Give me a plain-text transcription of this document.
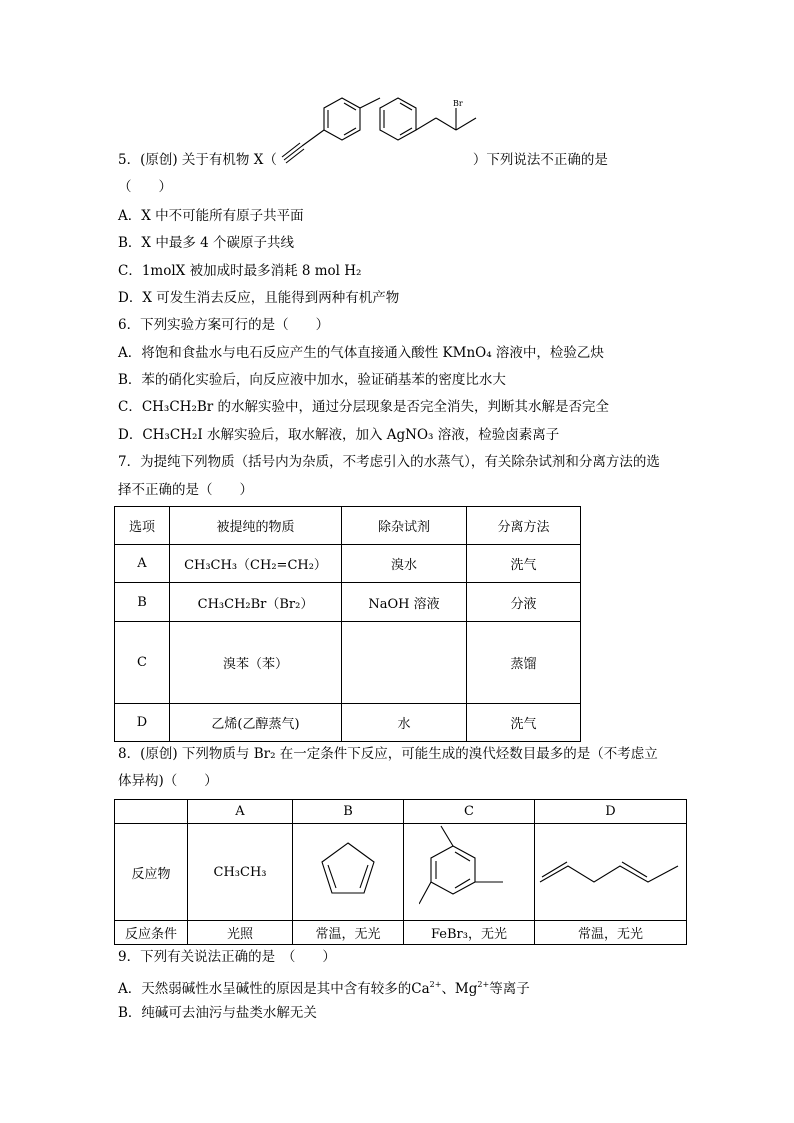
Br
5．(原创) 关于有机物 X（	）下列说法不正确的是
（　　）
A．X 中不可能所有原子共平面
B．X 中最多 4 个碳原子共线
C．1molX 被加成时最多消耗 8 mol H₂
D．X 可发生消去反应，且能得到两种有机产物
6．下列实验方案可行的是（　　）
A．将饱和食盐水与电石反应产生的气体直接通入酸性 KMnO₄ 溶液中，检验乙炔
B．苯的硝化实验后，向反应液中加水，验证硝基苯的密度比水大
C．CH₃CH₂Br 的水解实验中，通过分层现象是否完全消失，判断其水解是否完全
D．CH₃CH₂I 水解实验后，取水解液，加入 AgNO₃ 溶液，检验卤素离子
7．为提纯下列物质（括号内为杂质，不考虑引入的水蒸气），有关除杂试剂和分离方法的选
择不正确的是（　　）
选项	被提纯的物质	除杂试剂	分离方法
A	CH₃CH₃（CH₂=CH₂）	溴水	洗气
B	CH₃CH₂Br（Br₂）	NaOH 溶液	分液
C	溴苯（苯）		蒸馏
D	乙烯(乙醇蒸气)	水	洗气
8．(原创) 下列物质与 Br₂ 在一定条件下反应，可能生成的溴代烃数目最多的是（不考虑立
体异构)（　　）
	A	B	C	D
反应物	CH₃CH₃			
反应条件	光照	常温，无光	FeBr₃，无光	常温，无光
9．下列有关说法正确的是　（　　）
A．天然弱碱性水呈碱性的原因是其中含有较多的$Ca^{2+}$、$Mg^{2+}$等离子
B．纯碱可去油污与盐类水解无关
